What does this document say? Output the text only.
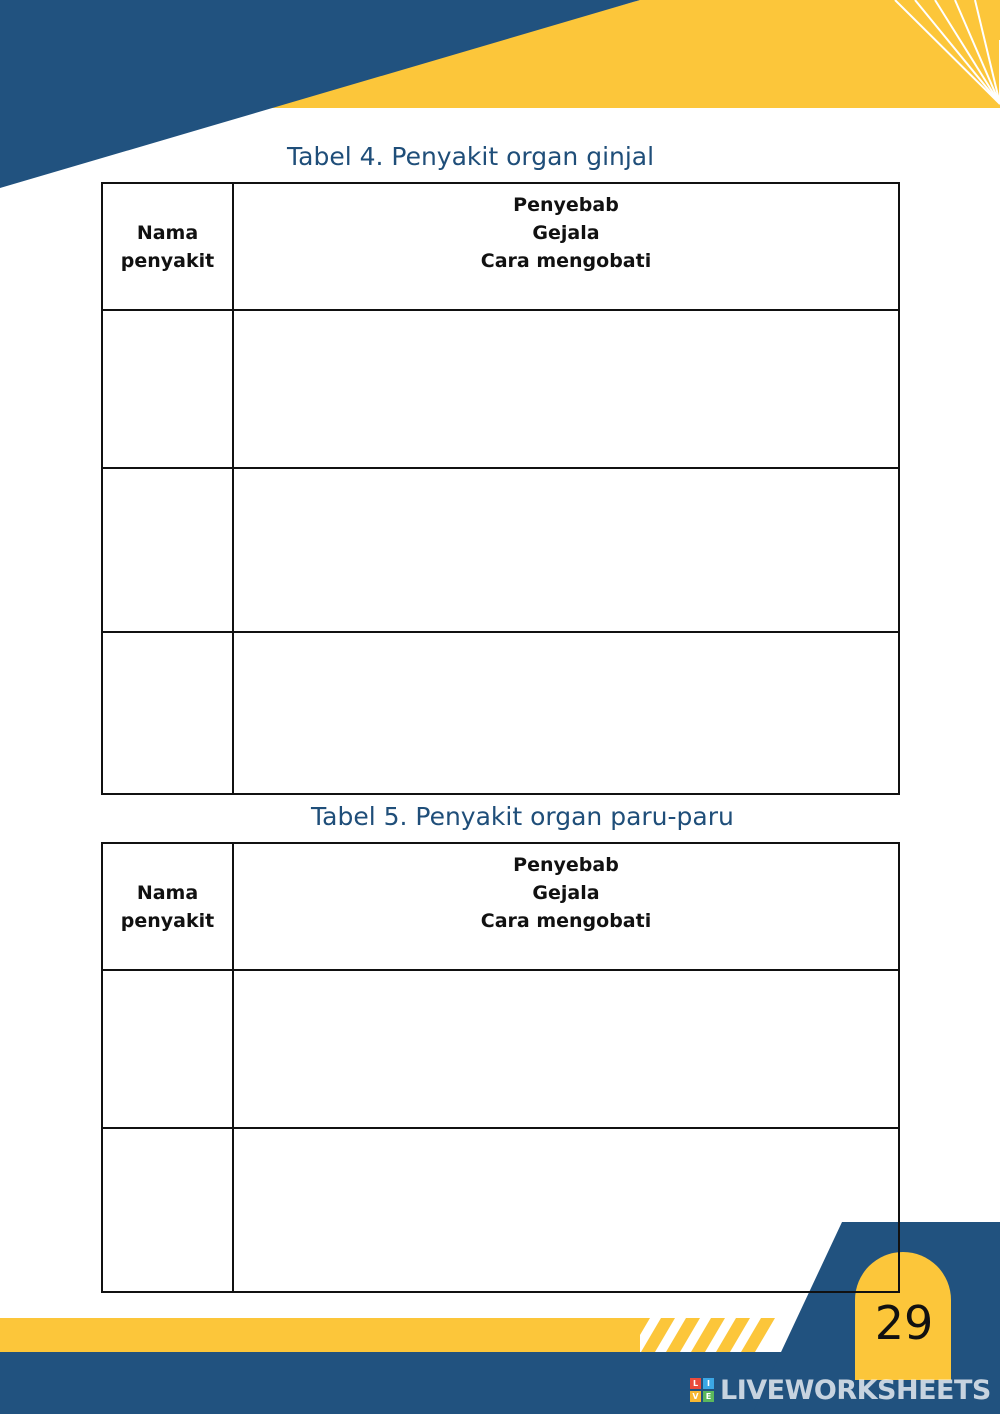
Tabel 4. Penyakit organ ginjal
Nama
penyakit	Penyebab
Gejala
Cara mengobati

Tabel 5. Penyakit organ paru-paru
Nama
penyakit	Penyebab
Gejala
Cara mengobati

29
L	I
V E LIVEWORKSHEETS
